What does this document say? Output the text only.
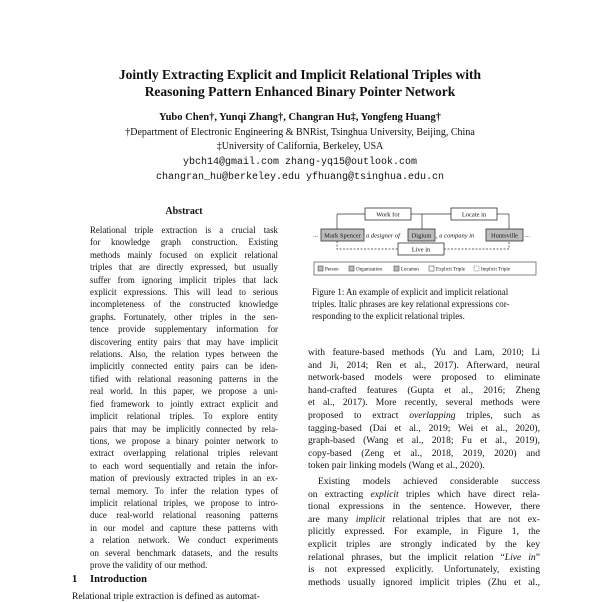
Jointly Extracting Explicit and Implicit Relational Triples with
Reasoning Pattern Enhanced Binary Pointer Network
Yubo Chen†, Yunqi Zhang†, Changran Hu‡, Yongfeng Huang†
†Department of Electronic Engineering & BNRist, Tsinghua University, Beijing, China
‡University of California, Berkeley, USA
ybch14@gmail.com zhang-yq15@outlook.com
changran_hu@berkeley.edu yfhuang@tsinghua.edu.cn
Abstract
Relational triple extraction is a crucial task
for knowledge graph construction. Existing
methods mainly focused on explicit relational
triples that are directly expressed, but usually
suffer from ignoring implicit triples that lack
explicit expressions. This will lead to serious
incompleteness of the constructed knowledge
graphs. Fortunately, other triples in the sen-
tence provide supplementary information for
discovering entity pairs that may have implicit
relations. Also, the relation types between the
implicitly connected entity pairs can be iden-
tified with relational reasoning patterns in the
real world. In this paper, we propose a uni-
fied framework to jointly extract explicit and
implicit relational triples. To explore entity
pairs that may be implicitly connected by rela-
tions, we propose a binary pointer network to
extract overlapping relational triples relevant
to each word sequentially and retain the infor-
mation of previously extracted triples in an ex-
ternal memory. To infer the relation types of
implicit relational triples, we propose to intro-
duce real-world relational reasoning patterns
in our model and capture these patterns with
a relation network. We conduct experiments
on several benchmark datasets, and the results
prove the validity of our method.
1 Introduction
Relational triple extraction is defined as automat-
Work for	Locate in
Live in
... Mark Spencer a designer of Digium , a company in	Huntsville ...
Person	Organization	Location	Explicit Triple	Implicit Triple
Figure 1: An example of explicit and implicit relational
triples. Italic phrases are key relational expressions cor-
responding to the explicit relational triples.
with feature-based methods (Yu and Lam, 2010; Li
and Ji, 2014; Ren et al., 2017). Afterward, neural
network-based models were proposed to eliminate
hand-crafted features (Gupta et al., 2016; Zheng
et al., 2017). More recently, several methods were
proposed to extract overlapping triples, such as
tagging-based (Dai et al., 2019; Wei et al., 2020),
graph-based (Wang et al., 2018; Fu et al., 2019),
copy-based (Zeng et al., 2018, 2019, 2020) and
token pair linking models (Wang et al., 2020).
Existing models achieved considerable success
on extracting explicit triples which have direct rela-
tional expressions in the sentence. However, there
are many implicit relational triples that are not ex-
plicitly expressed. For example, in Figure 1, the
explicit triples are strongly indicated by the key
relational phrases, but the implicit relation “Live in”
is not expressed explicitly. Unfortunately, existing
methods usually ignored implicit triples (Zhu et al.,
